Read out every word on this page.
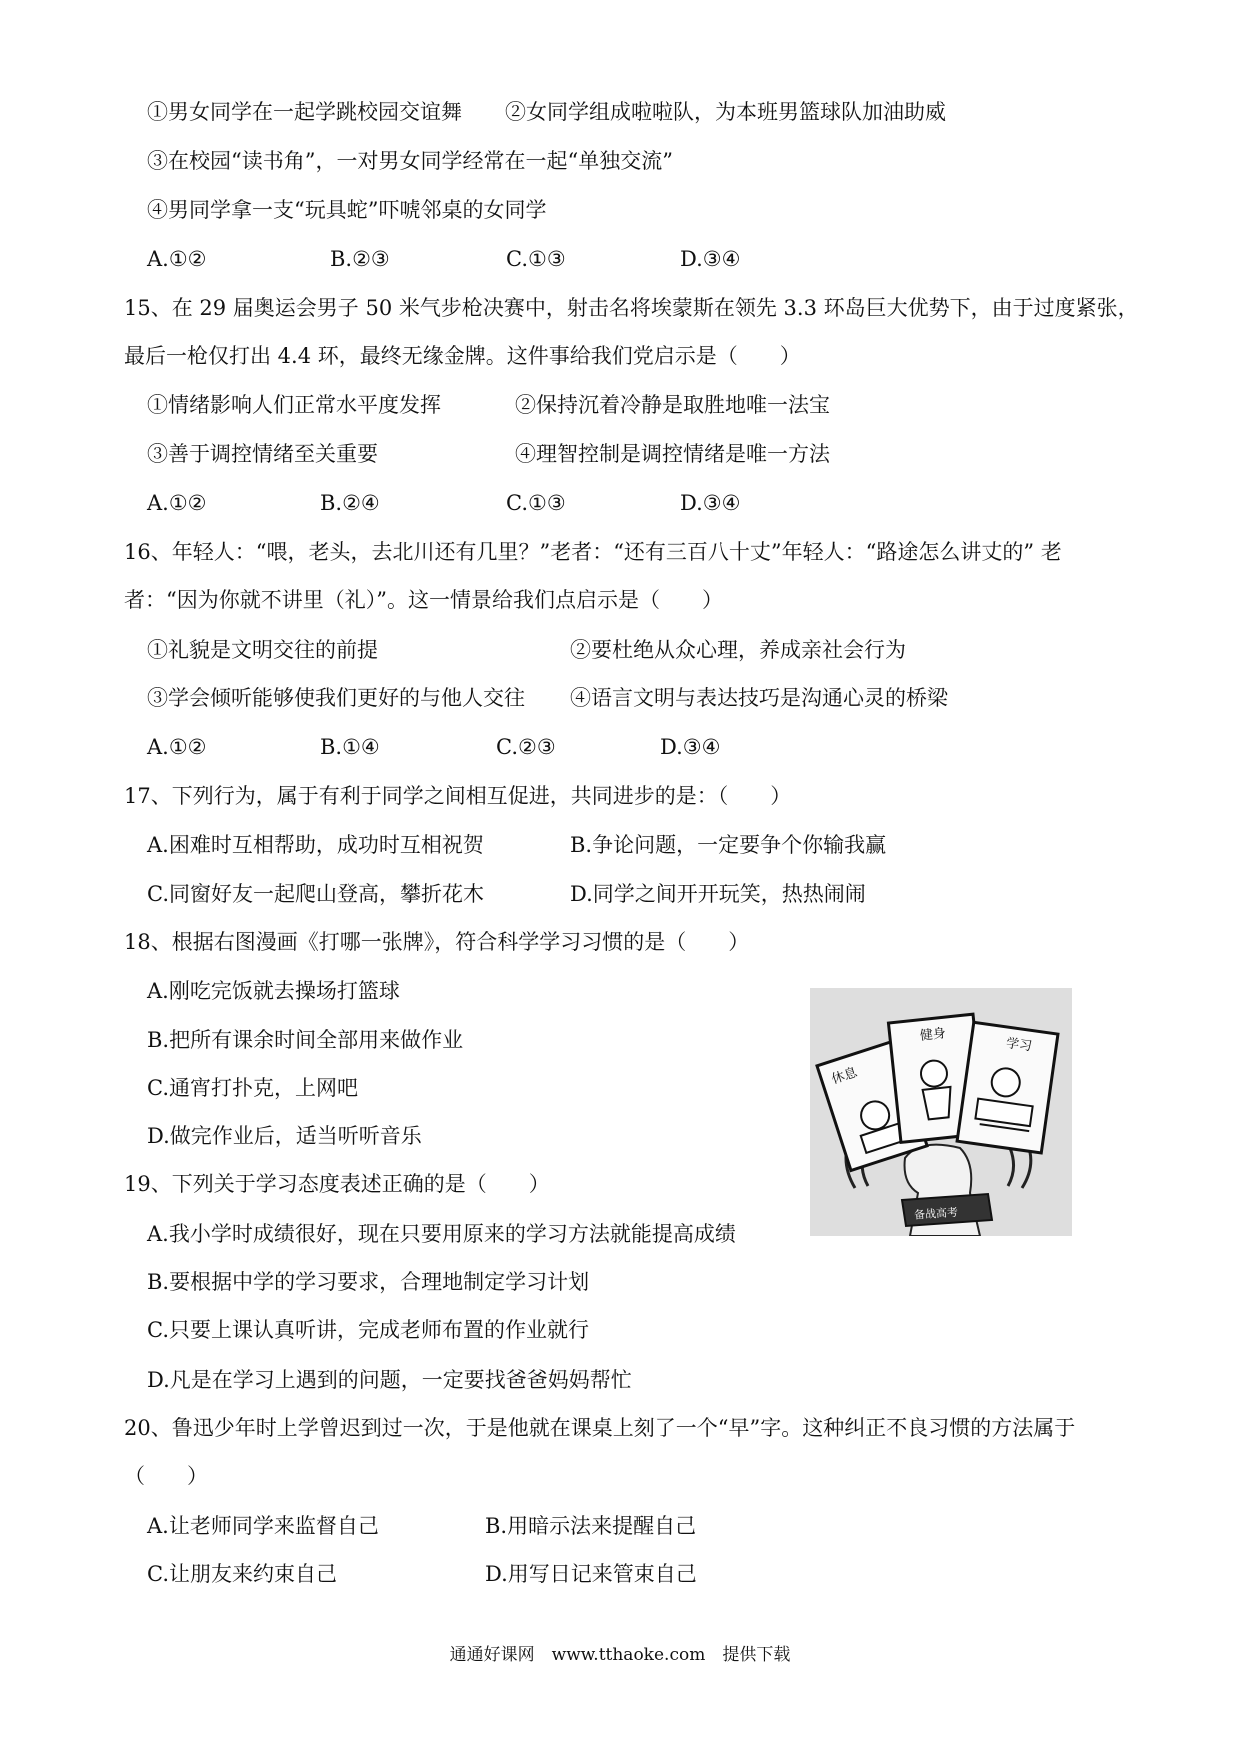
①男女同学在一起学跳校园交谊舞 ②女同学组成啦啦队，为本班男篮球队加油助威
③在校园“读书角”，一对男女同学经常在一起“单独交流”
④男同学拿一支“玩具蛇”吓唬邻桌的女同学
A.①②	B.②③	C.①③	D.③④
15、在 29 届奥运会男子 50 米气步枪决赛中，射击名将埃蒙斯在领先 3.3 环岛巨大优势下，由于过度紧张，
最后一枪仅打出 4.4 环，最终无缘金牌。这件事给我们党启示是（　　）
①情绪影响人们正常水平度发挥	②保持沉着冷静是取胜地唯一法宝
③善于调控情绪至关重要	④理智控制是调控情绪是唯一方法
A.①②	B.②④	C.①③	D.③④
16、年轻人：“喂，老头，去北川还有几里？”老者：“还有三百八十丈”年轻人：“路途怎么讲丈的” 老
者：“因为你就不讲里（礼）”。这一情景给我们点启示是（　　）
①礼貌是文明交往的前提	②要杜绝从众心理，养成亲社会行为
③学会倾听能够使我们更好的与他人交往 ④语言文明与表达技巧是沟通心灵的桥梁
A.①②	B.①④	C.②③	D.③④
17、下列行为，属于有利于同学之间相互促进，共同进步的是：（　　）
A.困难时互相帮助，成功时互相祝贺	B.争论问题，一定要争个你输我赢
C.同窗好友一起爬山登高，攀折花木	D.同学之间开开玩笑，热热闹闹
18、根据右图漫画《打哪一张牌》，符合科学学习习惯的是（　　）
A.刚吃完饭就去操场打篮球
B.把所有课余时间全部用来做作业
C.通宵打扑克，上网吧
D.做完作业后，适当听听音乐
休息
健身
学习
备战高考
19、下列关于学习态度表述正确的是（　　）
A.我小学时成绩很好，现在只要用原来的学习方法就能提高成绩
B.要根据中学的学习要求，合理地制定学习计划
C.只要上课认真听讲，完成老师布置的作业就行
D.凡是在学习上遇到的问题，一定要找爸爸妈妈帮忙
20、鲁迅少年时上学曾迟到过一次，于是他就在课桌上刻了一个“早”字。这种纠正不良习惯的方法属于
（　　）
A.让老师同学来监督自己	B.用暗示法来提醒自己
C.让朋友来约束自己	D.用写日记来管束自己
通通好课网　www.tthaoke.com　提供下载
